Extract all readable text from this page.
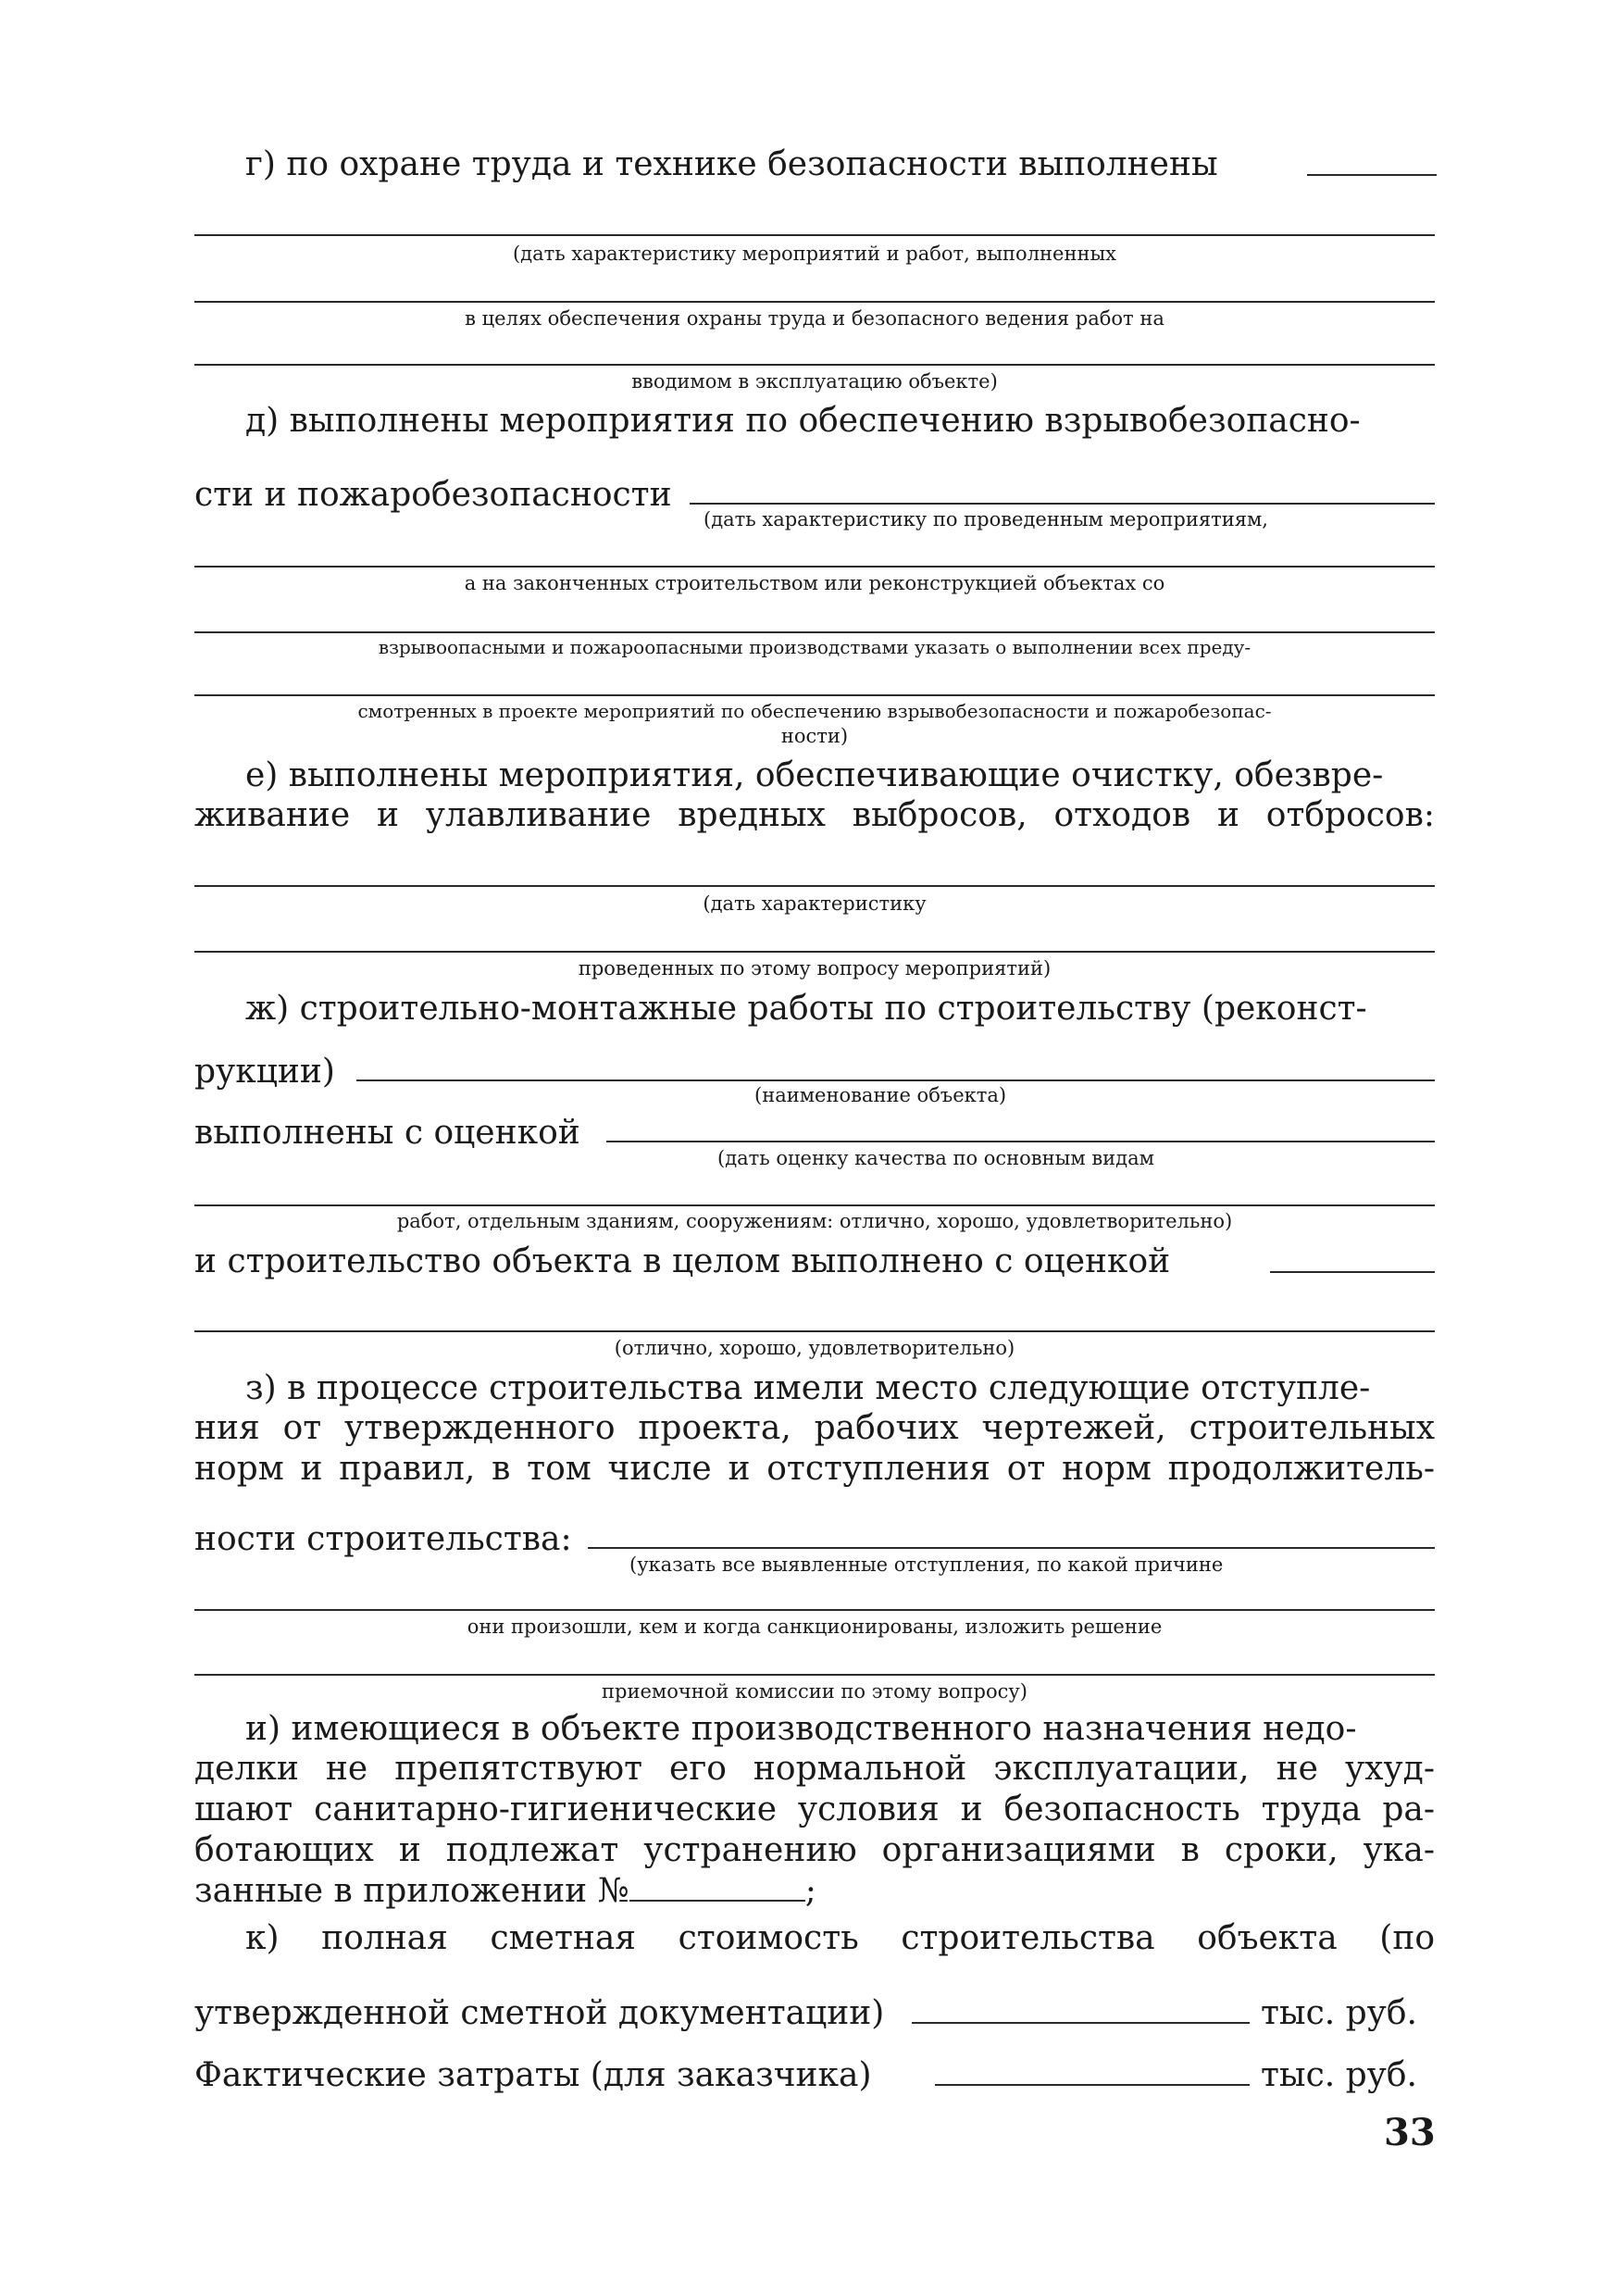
г) по охране труда и технике безопасности выполнены
(дать характеристику мероприятий и работ, выполненных
в целях обеспечения охраны труда и безопасного ведения работ на
вводимом в эксплуатацию объекте)
д) выполнены мероприятия по обеспечению взрывобезопасно-
сти и пожаробезопасности
(дать характеристику по проведенным мероприятиям,
а на законченных строительством или реконструкцией объектах со
взрывоопасными и пожароопасными производствами указать о выполнении всех преду-
смотренных в проекте мероприятий по обеспечению взрывобезопасности и пожаробезопас-
ности)
е) выполнены мероприятия, обеспечивающие очистку, обезвре-
живание и улавливание вредных выбросов, отходов и отбросов:
(дать характеристику
проведенных по этому вопросу мероприятий)
ж) строительно-монтажные работы по строительству (реконст-
рукции)
(наименование объекта)
выполнены с оценкой
(дать оценку качества по основным видам
работ, отдельным зданиям, сооружениям: отлично, хорошо, удовлетворительно)
и строительство объекта в целом выполнено с оценкой
(отлично, хорошо, удовлетворительно)
з) в процессе строительства имели место следующие отступле-
ния от утвержденного проекта, рабочих чертежей, строительных
норм и правил, в том числе и отступления от норм продолжитель-
ности строительства:
(указать все выявленные отступления, по какой причине
они произошли, кем и когда санкционированы, изложить решение
приемочной комиссии по этому вопросу)
и) имеющиеся в объекте производственного назначения недо-
делки не препятствуют его нормальной эксплуатации, не ухуд-
шают санитарно-гигиенические условия и безопасность труда ра-
ботающих и подлежат устранению организациями в сроки, ука-
занные в приложении №	;
к) полная сметная стоимость строительства объекта (по
утвержденной сметной документации)	тыс. руб.
Фактические затраты (для заказчика)	тыс. руб.
33
